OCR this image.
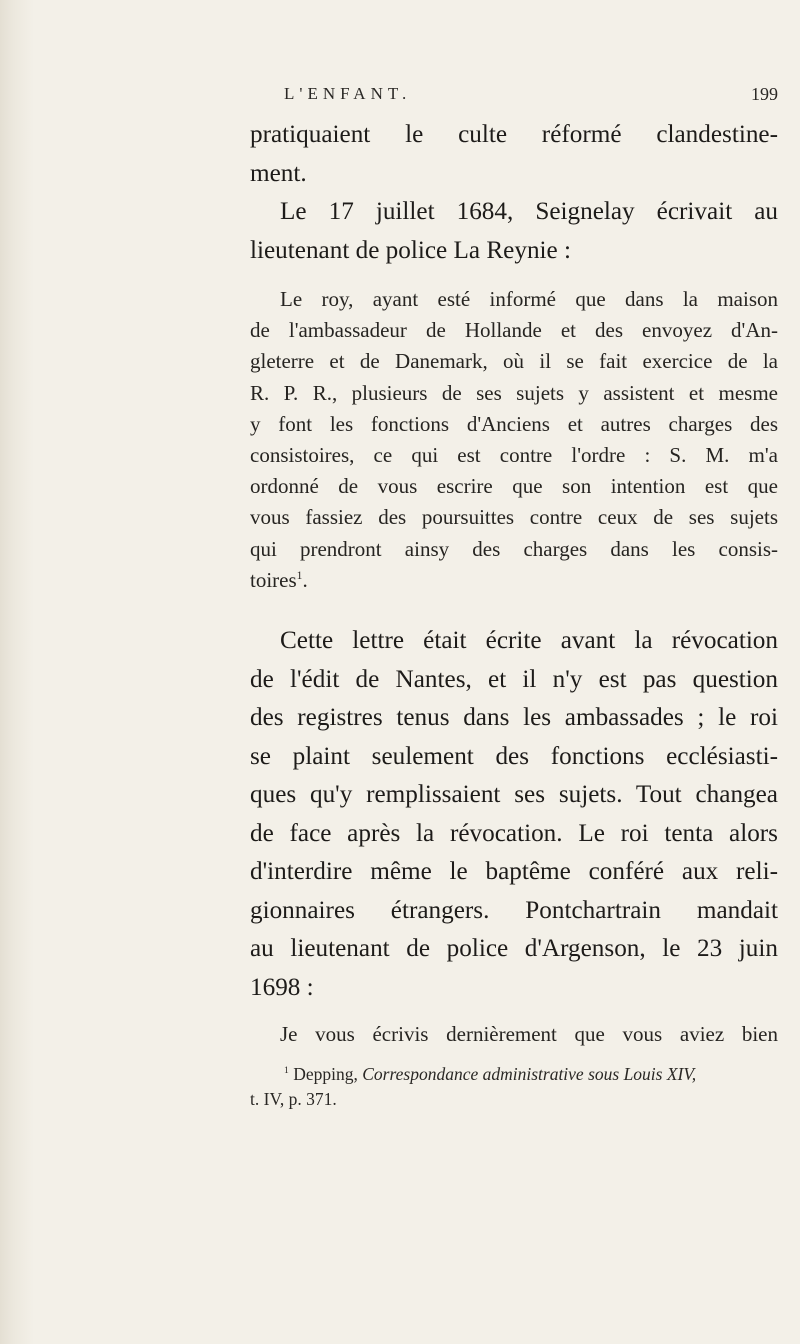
L'ENFANT.	199
pratiquaient le culte réformé clandestine-
ment.
Le 17 juillet 1684, Seignelay écrivait au
lieutenant de police La Reynie :
Le roy, ayant esté informé que dans la maison
de l'ambassadeur de Hollande et des envoyez d'An-
gleterre et de Danemark, où il se fait exercice de la
R. P. R., plusieurs de ses sujets y assistent et mesme
y font les fonctions d'Anciens et autres charges des
consistoires, ce qui est contre l'ordre : S. M. m'a
ordonné de vous escrire que son intention est que
vous fassiez des poursuittes contre ceux de ses sujets
qui prendront ainsy des charges dans les consis-
toires$^1$.
Cette lettre était écrite avant la révocation
de l'édit de Nantes, et il n'y est pas question
des registres tenus dans les ambassades ; le roi
se plaint seulement des fonctions ecclésiasti-
ques qu'y remplissaient ses sujets. Tout changea
de face après la révocation. Le roi tenta alors
d'interdire même le baptême conféré aux reli-
gionnaires étrangers. Pontchartrain mandait
au lieutenant de police d'Argenson, le 23 juin
1698 :
Je vous écrivis dernièrement que vous aviez bien
$^1$ Depping, Correspondance administrative sous Louis XIV,
t. IV, p. 371.
